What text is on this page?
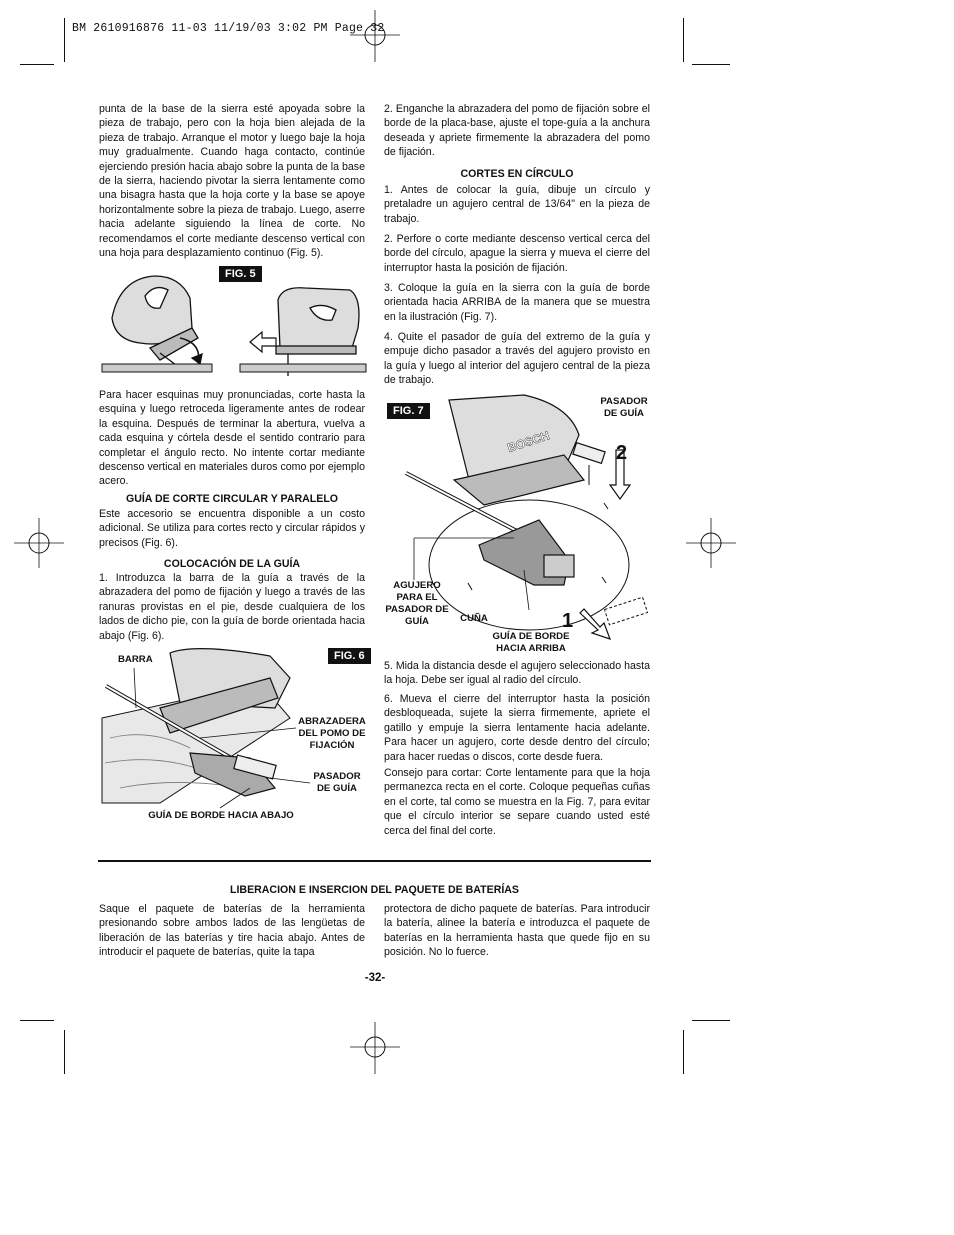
BM 2610916876 11-03 11/19/03 3:02 PM Page 32

punta de la base de la sierra esté apoyada sobre la pieza de trabajo, pero con la hoja bien alejada de la pieza de trabajo. Arranque el motor y luego baje la hoja muy gradualmente. Cuando haga contacto, continúe ejerciendo presión hacia abajo sobre la punta de la base de la sierra, haciendo pivotar la sierra lentamente como una bisagra hasta que la hoja corte y la base se apoye horizontalmente sobre la pieza de trabajo. Luego, aserre hacia adelante siguiendo la línea de corte. No recomendamos el corte mediante descenso vertical con una hoja para desplazamiento continuo (Fig. 5).

FIG. 5

Para hacer esquinas muy pronunciadas, corte hasta la esquina y luego retroceda ligeramente antes de rodear la esquina. Después de terminar la abertura, vuelva a cada esquina y córtela desde el sentido contrario para completar el ángulo recto. No intente cortar mediante descenso vertical en materiales duros como por ejemplo acero.

GUÍA DE CORTE CIRCULAR Y PARALELO

Este accesorio se encuentra disponible a un costo adicional. Se utiliza para cortes recto y circular rápidos y precisos (Fig. 6).

COLOCACIÓN DE LA GUÍA

1. Introduzca la barra de la guía a través de la abrazadera del pomo de fijación y luego a través de las ranuras provistas en el pie, desde cualquiera de los lados de dicho pie, con la guía de borde orientada hacia abajo (Fig. 6).

FIG. 6
BARRA
ABRAZADERA DEL POMO DE FIJACIÓN
PASADOR DE GUÍA
GUÍA DE BORDE HACIA ABAJO

2. Enganche la abrazadera del pomo de fijación sobre el borde de la placa-base, ajuste el tope-guía a la anchura deseada y apriete firmemente la abrazadera del pomo de fijación.

CORTES EN CÍRCULO

1. Antes de colocar la guía, dibuje un círculo y pretaladre un agujero central de 13/64" en la pieza de trabajo.

2. Perfore o corte mediante descenso vertical cerca del borde del círculo, apague la sierra y mueva el cierre del interruptor hasta la posición de fijación.

3. Coloque la guía en la sierra con la guía de borde orientada hacia ARRIBA de la manera que se muestra en la ilustración (Fig. 7).

4. Quite el pasador de guía del extremo de la guía y empuje dicho pasador a través del agujero provisto en la guía y luego al interior del agujero central de la pieza de trabajo.

FIG. 7
BOSCH	2
1
PASADOR DE GUÍA
AGUJERO PARA EL PASADOR DE GUÍA	CUÑA
GUÍA DE BORDE HACIA ARRIBA

5. Mida la distancia desde el agujero seleccionado hasta la hoja. Debe ser igual al radio del círculo.

6. Mueva el cierre del interruptor hasta la posición desbloqueada, sujete la sierra firmemente, apriete el gatillo y empuje la sierra lentamente hacia adelante. Para hacer un agujero, corte desde dentro del círculo; para hacer ruedas o discos, corte desde fuera.

Consejo para cortar: Corte lentamente para que la hoja permanezca recta en el corte. Coloque pequeñas cuñas en el corte, tal como se muestra en la Fig. 7, para evitar que el círculo interior se separe cuando usted esté cerca del final del corte.

LIBERACION E INSERCION DEL PAQUETE DE BATERÍAS

Saque el paquete de baterías de la herramienta presionando sobre ambos lados de las lengüetas de liberación de las baterías y tire hacia abajo. Antes de introducir el paquete de baterías, quite la tapa

protectora de dicho paquete de baterías. Para introducir la batería, alinee la batería e introduzca el paquete de baterías en la herramienta hasta que quede fijo en su posición. No lo fuerce.

-32-
